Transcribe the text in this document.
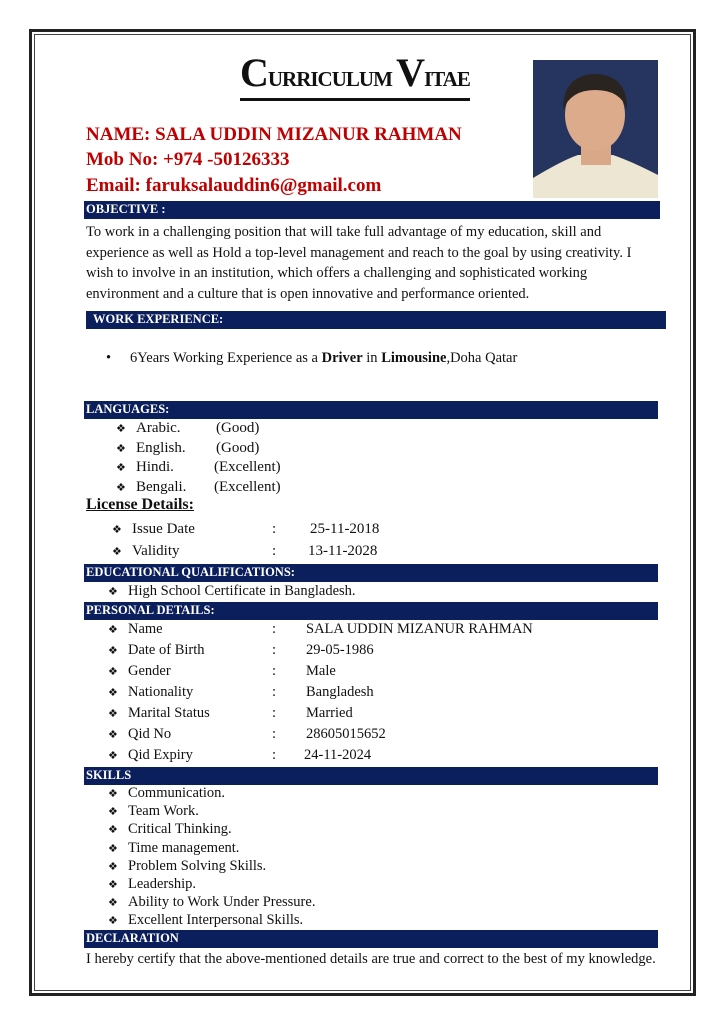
CURRICULUM VITAE
NAME: SALA UDDIN MIZANUR RAHMAN
Mob No: +974 -50126333
Email: faruksalauddin6@gmail.com
OBJECTIVE :
To work in a challenging position that will take full advantage of my education, skill and experience as well as Hold a top-level management and reach to the goal by using creativity. I wish to involve in an institution, which offers a challenging and sophisticated working environment and a culture that is open innovative and performance oriented.
WORK EXPERIENCE:
• 6Years Working Experience as a Driver in Limousine,Doha Qatar
LANGUAGES:
❖ Arabic. (Good)
❖ English. (Good)
❖ Hindi.	(Excellent)
❖ Bengali. (Excellent)
License Details:
❖ Issue Date	: 25-11-2018
❖ Validity	: 13-11-2028
EDUCATIONAL QUALIFICATIONS:
❖ High School Certificate in Bangladesh.
PERSONAL DETAILS:
❖ Name	: SALA UDDIN MIZANUR RAHMAN
❖ Date of Birth	: 29-05-1986
❖ Gender	: Male
❖ Nationality	: Bangladesh
❖ Marital Status	: Married
❖ Qid No	: 28605015652
❖ Qid Expiry	: 24-11-2024
SKILLS
❖ Communication.
❖ Team Work.
❖ Critical Thinking.
❖ Time management.
❖ Problem Solving Skills.
❖ Leadership.
❖ Ability to Work Under Pressure.
❖ Excellent Interpersonal Skills.
DECLARATION
I hereby certify that the above-mentioned details are true and correct to the best of my knowledge.
